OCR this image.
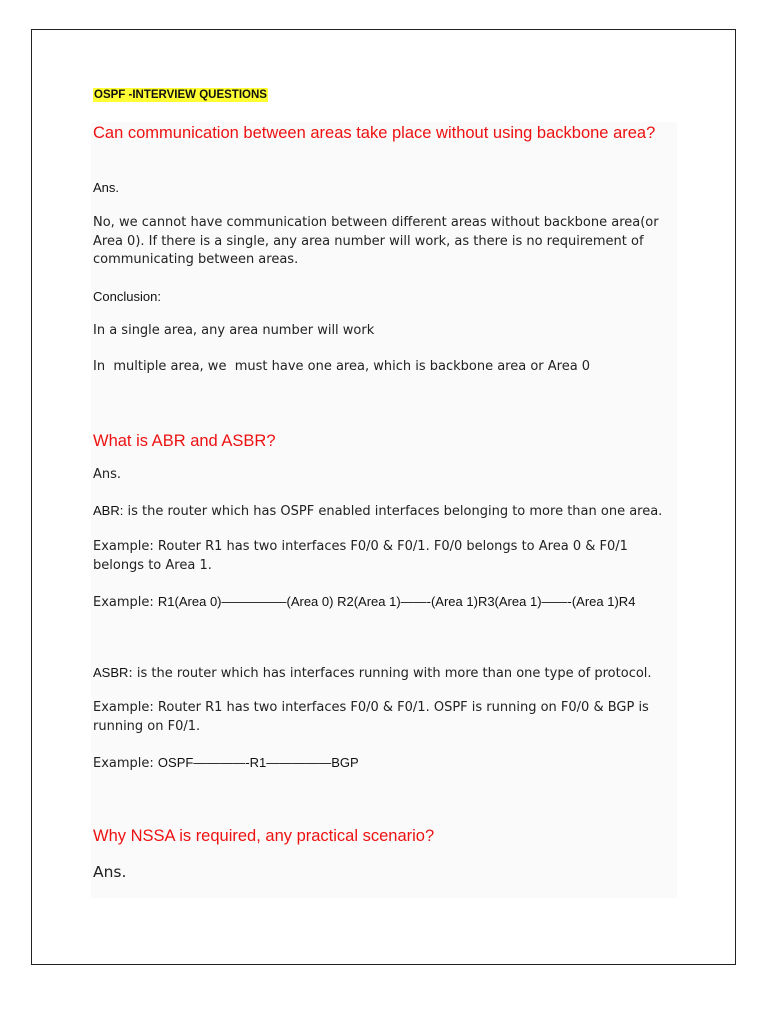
OSPF -INTERVIEW QUESTIONS
Can communication between areas take place without using backbone area?
Ans.
No, we cannot have communication between different areas without backbone area(or Area 0). If there is a single, any area number will work, as there is no requirement of communicating between areas.
Conclusion:
In a single area, any area number will work
In  multiple area, we  must have one area, which is backbone area or Area 0
What is ABR and ASBR?
Ans.
ABR: is the router which has OSPF enabled interfaces belonging to more than one area.
Example: Router R1 has two interfaces F0/0 & F0/1. F0/0 belongs to Area 0 & F0/1 belongs to Area 1.
Example: R1(Area 0)—————(Area 0) R2(Area 1)——-(Area 1)R3(Area 1)——-(Area 1)R4
ASBR: is the router which has interfaces running with more than one type of protocol.
Example: Router R1 has two interfaces F0/0 & F0/1. OSPF is running on F0/0 & BGP is running on F0/1.
Example: OSPF————-R1—————BGP
Why NSSA is required, any practical scenario?
Ans.
